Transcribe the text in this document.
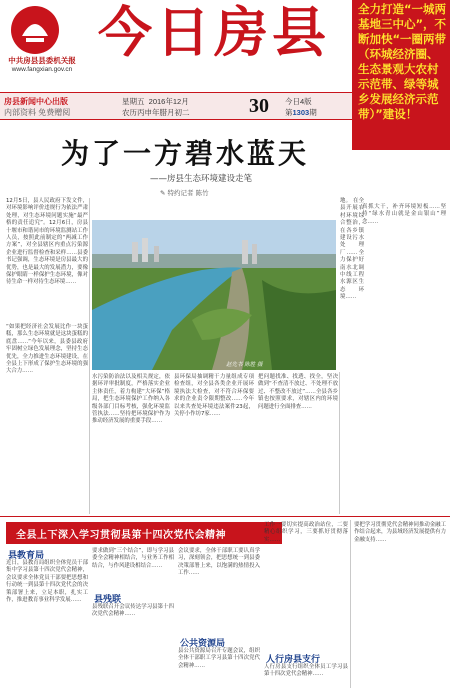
中共房县县委机关报
www.fangxian.gov.cn
今日房县	全力打造“一城两基地三中心”，不断加快“一圈两带（环城经济圈、生态景观大农村示范带、绿等城乡发展经济示范带）”建设！
房县新闻中心出版
内部资料 免费赠阅
星期五 2016年12月
农历丙申年腊月初二	30 今日4版
第1303期
为了一方碧水蓝天
——房县生态环境建设走笔
✎ 特约记者 陈竹
12月5日，县人民政府下发文件，对环境影响评价违规行为依法严肃处理，对生态环境问题实施“最严格的责任追究”。12月6日，房县十堰市和谐同市的环境监测站工作人员，按照此前制定的“两减工作方案”，对全县辖区内重点污染源企业进行监督检查和采样……县委书记强调，生态环境是房县最大的优势，也是最大的发展潜力，要像保护眼睛一样保护生态环境，像对待生命一样对待生态环境……
“如果把经济社会发展比作一块蛋糕，那么生态环境就是这块蛋糕的底盘……”今年以来，县委县政府牢固树立绿色发展理念，坚持生态优先，全力推进生态环境建设，在全县上下形成了保护生态环境的强大合力……
水污染防治法以及相关规定，依据环评审批制度，严格落实企业主体责任，着力构建“大环保”格局，把生态环境保护工作纳入各级各部门目标考核，强化环境监管执法……坚持把环境保护作为推动经济发展的重要手段……
县环保局抽调精干力量组成专项检查组，对全县各类企业开展环境执法大检查，对不符合环保要求的企业责令限期整改……今年以来共查处环境违法案件23起，关停小作坊7家……
把问题找准、找透、找全，坚决做到“不查清不放过、不处理不放过、不整改不放过”……全县各乡镇也按照要求，对辖区内的环境问题进行全面排查……
地。 在全县开展农村环境综合整治，在各乡镇建设污水处理厂……全力保护好南水北调中线工程水源区生态环境……
真抓大干，补齐环境短板……坚持“绿水青山就是金山银山”理念……
赵先书 陈胜 摄
全县上下深入学习贯彻县第十四次党代会精神
县教育局
近日，县教育局组织全体党员干部集中学习县第十四次党代会精神，会议要求全体党员干部要把思想和行动统一到县第十四次党代会的决策部署上来，立足本职，扎实工作，推进教育事业科学发展……
要求做到“三个结合”，即与学习县委全会精神相结合，与业务工作相结合，与作风建设相结合……
县残联
县残联召开会议传达学习县第十四次党代会精神……
会议要求，全体干部职工要认真学习，深刻领会，把思想统一到县委决策部署上来，以饱满的热情投入工作……
公共资源局
县公共资源局召开专题会议，组织全体干部职工学习县第十四次党代会精神……
工作一要切实提高政治站位，二要精心组织学习，三要抓好贯彻落实……
人行房县支行
人行房县支行组织全体员工学习县第十四次党代会精神……
要把学习贯彻党代会精神同推动金融工作结合起来，为县域经济发展提供有力金融支持……
